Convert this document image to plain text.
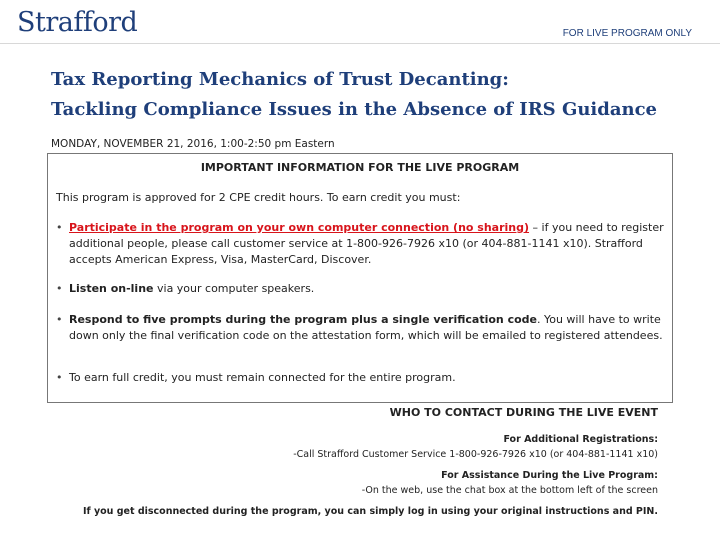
Strafford	FOR LIVE PROGRAM ONLY
Tax Reporting Mechanics of Trust Decanting:
Tackling Compliance Issues in the Absence of IRS Guidance
MONDAY, NOVEMBER 21, 2016, 1:00-2:50 pm Eastern
IMPORTANT INFORMATION FOR THE LIVE PROGRAM
This program is approved for 2 CPE credit hours. To earn credit you must:
• Participate in the program on your own computer connection (no sharing) – if you need to register additional people, please call customer service at 1-800-926-7926 x10 (or 404-881-1141 x10). Strafford accepts American Express, Visa, MasterCard, Discover.
• Listen on-line via your computer speakers.
• Respond to five prompts during the program plus a single verification code. You will have to write down only the final verification code on the attestation form, which will be emailed to registered attendees.
• To earn full credit, you must remain connected for the entire program.
WHO TO CONTACT DURING THE LIVE EVENT
For Additional Registrations:
-Call Strafford Customer Service 1-800-926-7926 x10 (or 404-881-1141 x10)
For Assistance During the Live Program:
-On the web, use the chat box at the bottom left of the screen
If you get disconnected during the program, you can simply log in using your original instructions and PIN.
